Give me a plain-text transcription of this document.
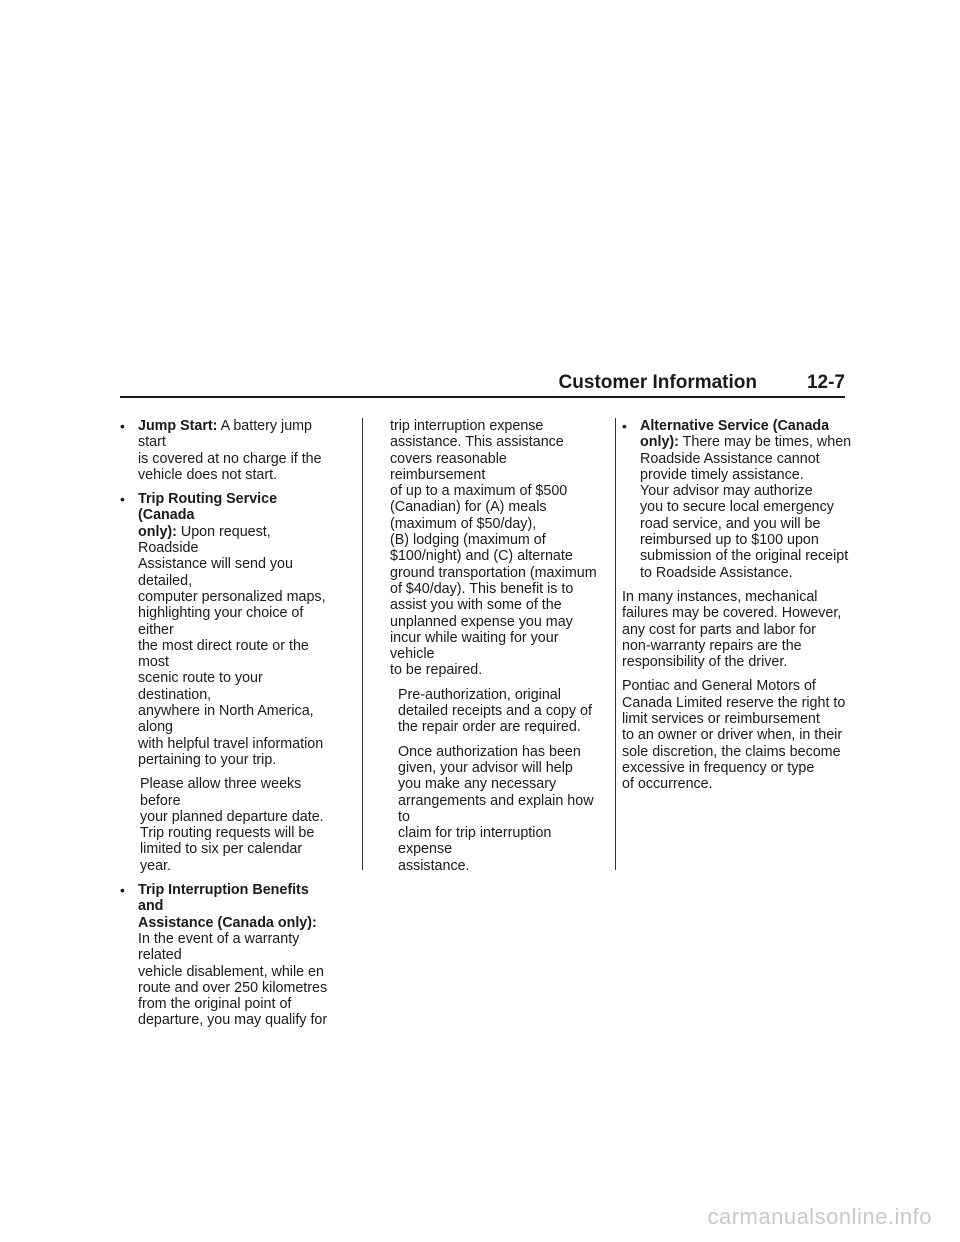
Customer Information	12-7
• Jump Start: A battery jump start
is covered at no charge if the
vehicle does not start.
• Trip Routing Service (Canada
only): Upon request, Roadside
Assistance will send you detailed,
computer personalized maps,
highlighting your choice of either
the most direct route or the most
scenic route to your destination,
anywhere in North America, along
with helpful travel information
pertaining to your trip.
Please allow three weeks before
your planned departure date.
Trip routing requests will be
limited to six per calendar year.
• Trip Interruption Benefits and
Assistance (Canada only):
In the event of a warranty related
vehicle disablement, while en
route and over 250 kilometres
from the original point of
departure, you may qualify for
trip interruption expense
assistance. This assistance
covers reasonable reimbursement
of up to a maximum of $500
(Canadian) for (A) meals
(maximum of $50/day),
(B) lodging (maximum of
$100/night) and (C) alternate
ground transportation (maximum
of $40/day). This benefit is to
assist you with some of the
unplanned expense you may
incur while waiting for your vehicle
to be repaired.
Pre-authorization, original
detailed receipts and a copy of
the repair order are required.
Once authorization has been
given, your advisor will help
you make any necessary
arrangements and explain how to
claim for trip interruption expense
assistance.
• Alternative Service (Canada
only): There may be times, when
Roadside Assistance cannot
provide timely assistance.
Your advisor may authorize
you to secure local emergency
road service, and you will be
reimbursed up to $100 upon
submission of the original receipt
to Roadside Assistance.
In many instances, mechanical
failures may be covered. However,
any cost for parts and labor for
non-warranty repairs are the
responsibility of the driver.
Pontiac and General Motors of
Canada Limited reserve the right to
limit services or reimbursement
to an owner or driver when, in their
sole discretion, the claims become
excessive in frequency or type
of occurrence.
carmanualsonline.info
